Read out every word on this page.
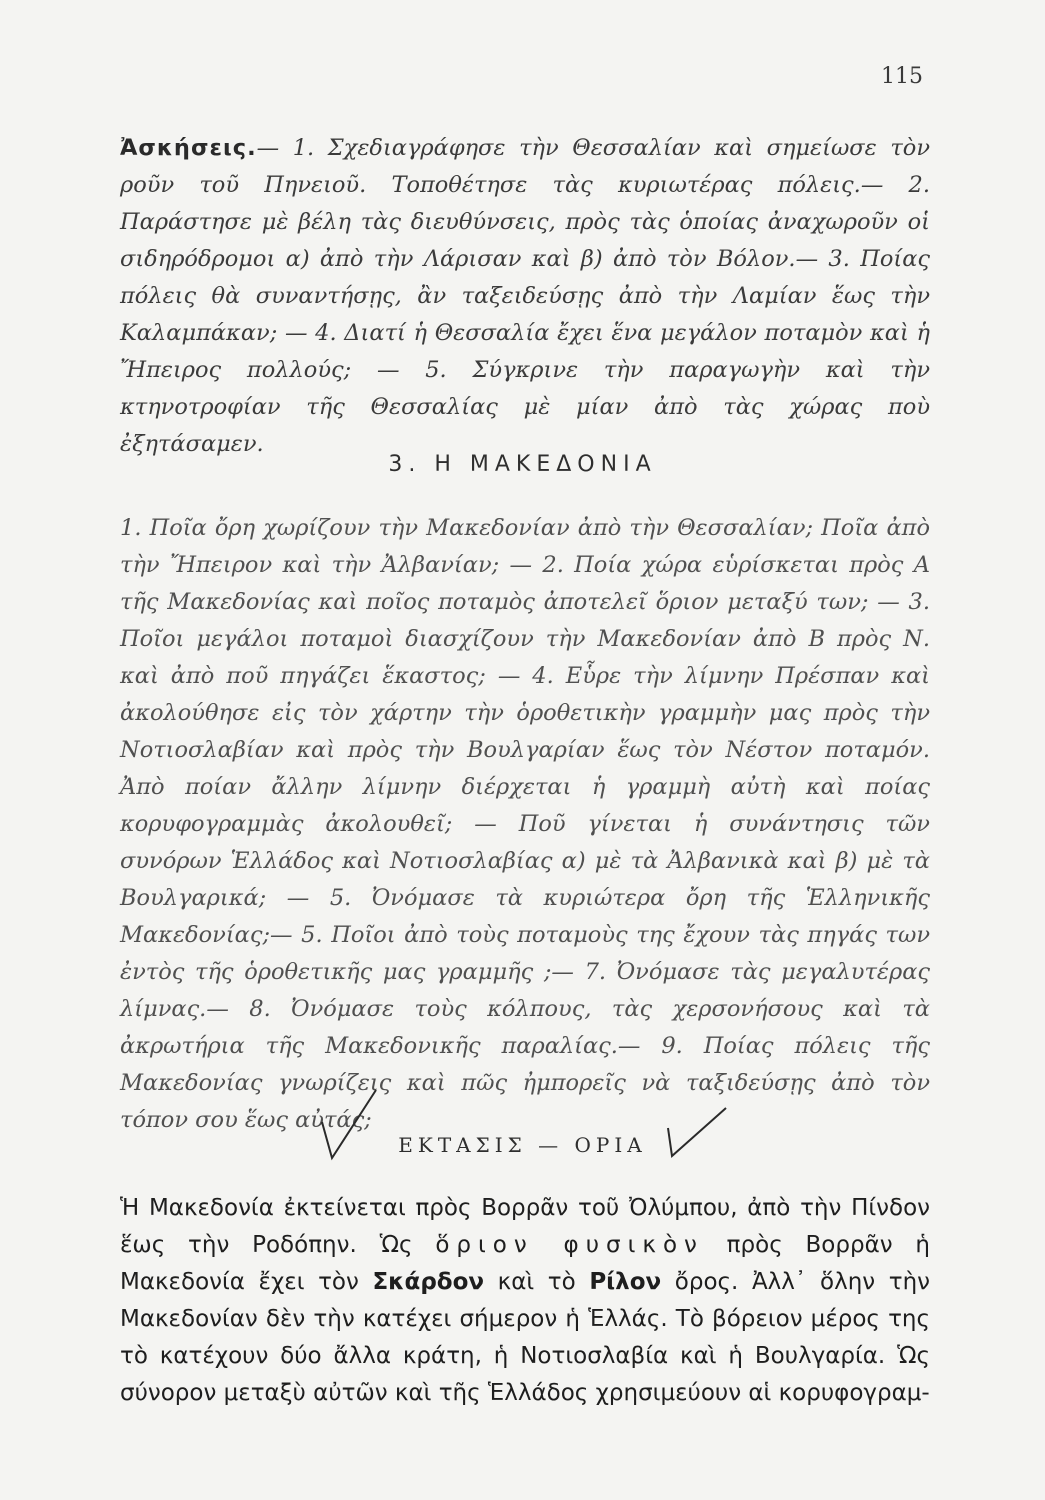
115
Ἀσκήσεις.— 1. Σχεδιαγράφησε τὴν Θεσσαλίαν καὶ σημείωσε τὸν ροῦν τοῦ Πηνειοῦ. Τοποθέτησε τὰς κυριωτέρας πόλεις.— 2. Παράστησε μὲ βέλη τὰς διευθύνσεις, πρὸς τὰς ὁποίας ἀναχωροῦν οἱ σιδηρόδρομοι α) ἀπὸ τὴν Λάρισαν καὶ β) ἀπὸ τὸν Βόλον.— 3. Ποίας πόλεις θὰ συναντήσῃς, ἂν ταξειδεύσῃς ἀπὸ τὴν Λαμίαν ἕως τὴν Καλαμπάκαν; — 4. Διατί ἡ Θεσσαλία ἔχει ἕνα μεγάλον ποταμὸν καὶ ἡ Ἤπειρος πολλούς; — 5. Σύγκρινε τὴν παραγωγὴν καὶ τὴν κτηνοτροφίαν τῆς Θεσσαλίας μὲ μίαν ἀπὸ τὰς χώρας ποὺ ἐξητάσαμεν.
3. Η ΜΑΚΕΔΟΝΙΑ
1. Ποῖα ὄρη χωρίζουν τὴν Μακεδονίαν ἀπὸ τὴν Θεσσαλίαν; Ποῖα ἀπὸ τὴν Ἤπειρον καὶ τὴν Ἀλβανίαν; — 2. Ποία χώρα εὑρίσκεται πρὸς Α τῆς Μακεδονίας καὶ ποῖος ποταμὸς ἀποτελεῖ ὅριον μεταξύ των; — 3. Ποῖοι μεγάλοι ποταμοὶ διασχίζουν τὴν Μακεδονίαν ἀπὸ Β πρὸς Ν. καὶ ἀπὸ ποῦ πηγάζει ἕκαστος; — 4. Εὗρε τὴν λίμνην Πρέσπαν καὶ ἀκολούθησε εἰς τὸν χάρτην τὴν ὁροθετικὴν γραμμὴν μας πρὸς τὴν Νοτιοσλαβίαν καὶ πρὸς τὴν Βουλγαρίαν ἕως τὸν Νέστον ποταμόν. Ἀπὸ ποίαν ἄλλην λίμνην διέρχεται ἡ γραμμὴ αὐτὴ καὶ ποίας κορυφογραμμὰς ἀκολουθεῖ; — Ποῦ γίνεται ἡ συνάντησις τῶν συνόρων Ἑλλάδος καὶ Νοτιοσλαβίας α) μὲ τὰ Ἀλβανικὰ καὶ β) μὲ τὰ Βουλγαρικά; — 5. Ὀνόμασε τὰ κυριώτερα ὄρη τῆς Ἑλληνικῆς Μακεδονίας;— 5. Ποῖοι ἀπὸ τοὺς ποταμοὺς της ἔχουν τὰς πηγάς των ἐντὸς τῆς ὁροθετικῆς μας γραμμῆς ;— 7. Ὀνόμασε τὰς μεγαλυτέρας λίμνας.— 8. Ὀνόμασε τοὺς κόλπους, τὰς χερσονήσους καὶ τὰ ἀκρωτήρια τῆς Μακεδονικῆς παραλίας.— 9. Ποίας πόλεις τῆς Μακεδονίας γνωρίζεις καὶ πῶς ἠμπορεῖς νὰ ταξιδεύσῃς ἀπὸ τὸν τόπον σου ἕως αὐτάς;
ΕΚΤΑΣΙΣ — ΟΡΙΑ
Ἡ Μακεδονία ἐκτείνεται πρὸς Βορρᾶν τοῦ Ὀλύμπου, ἀπὸ τὴν Πίνδον ἕως τὴν Ροδόπην. Ὡς ὅριον φυσικὸν πρὸς Βορρᾶν ἡ Μακεδονία ἔχει τὸν Σκάρδον καὶ τὸ Ρίλον ὄρος. Ἀλλ᾽ ὅλην τὴν Μακεδονίαν δὲν τὴν κατέχει σήμερον ἡ Ἑλλάς. Τὸ βόρειον μέρος της τὸ κατέχουν δύο ἄλλα κράτη, ἡ Νοτιοσλαβία καὶ ἡ Βουλγαρία. Ὡς σύνορον μεταξὺ αὐτῶν καὶ τῆς Ἑλλάδος χρησιμεύουν αἱ κορυφογραμ-
